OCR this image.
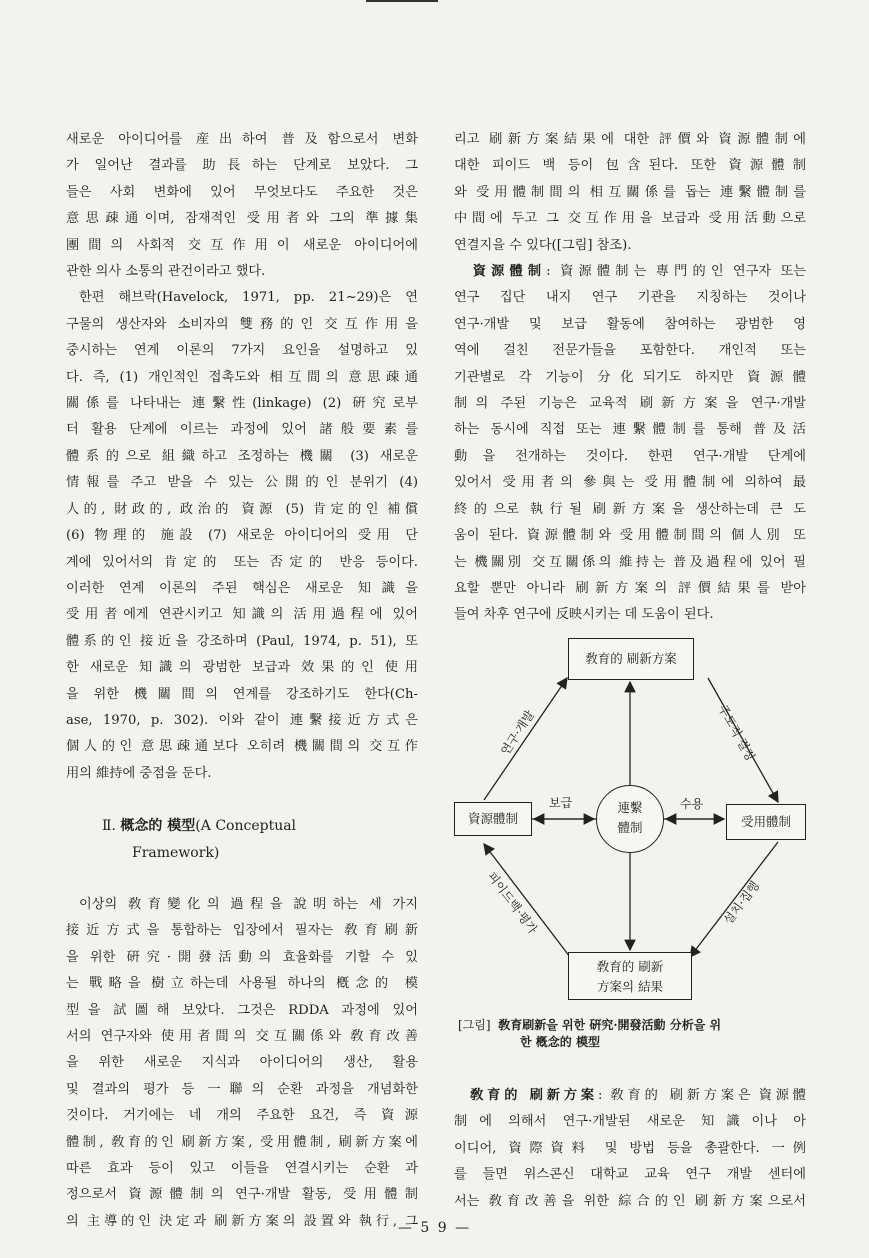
새로운 아이디어를 産出하여 普及함으로서 변화
가 일어난 결과를 助長하는 단계로 보았다. 그
들은 사회 변화에 있어 무엇보다도 주요한 것은
意思疎通이며, 잠재적인 受用者와 그의 準據集
團間의 사회적 交互作用이 새로운 아이디어에
관한 의사 소통의 관건이라고 했다.
한편 해브락(Havelock, 1971, pp. 21~29)은 연
구물의 생산자와 소비자의 雙務的인 交互作用을
중시하는 연계 이론의 7가지 요인을 설명하고 있
다. 즉, (1) 개인적인 접촉도와 相互間의 意思疎通
關係를 나타내는 連繫性(linkage) (2) 硏究로부
터 활용 단계에 이르는 과정에 있어 諸般要素를
體系的으로 組織하고 조정하는 機關 (3) 새로운
情報를 주고 받을 수 있는 公開的인 분위기 (4)
人的, 財政的, 政治的 資源 (5) 肯定的인 補償
(6) 物理的 施設 (7) 새로운 아이디어의 受用 단
계에 있어서의 肯定的 또는 否定的 반응 등이다.
이러한 연계 이론의 주된 핵심은 새로운 知識을
受用者에게 연관시키고 知識의 活用過程에 있어
體系的인 接近을 강조하며 (Paul, 1974, p. 51), 또
한 새로운 知識의 광범한 보급과 效果的인 使用
을 위한 機關間의 연계를 강조하기도 한다(Ch-
ase, 1970, p. 302). 이와 같이 連繫接近方式은
個人的인 意思疎通보다 오히려 機關間의 交互作
用의 維持에 중점을 둔다.
Ⅱ. 概念的 模型(A Conceptual
Framework)
이상의 敎育變化의 過程을 說明하는 세 가지
接近方式을 통합하는 입장에서 필자는 敎育刷新
을 위한 硏究·開發活動의 효율화를 기할 수 있
는 戰略을 樹立하는데 사용될 하나의 槪念的 模
型을 試圖해 보았다. 그것은 RDDA 과정에 있어
서의 연구자와 使用者間의 交互關係와 敎育改善
을 위한 새로운 지식과 아이디어의 생산, 활용
및 결과의 평가 등 一聯의 순환 과정을 개념화한
것이다. 거기에는 네 개의 주요한 요건, 즉 資源
體制, 敎育的인 刷新方案, 受用體制, 刷新方案에
따른 효과 등이 있고 이들을 연결시키는 순환 과
정으로서 資源體制의 연구·개발 활동, 受用體制
의 主導的인 決定과 刷新方案의 設置와 執行, 그
리고 刷新方案結果에 대한 評價와 資源體制에
대한 피이드 백 등이 包含된다. 또한 資源體制
와 受用體制間의 相互關係를 돕는 連繫體制를
中間에 두고 그 交互作用을 보급과 受用活動으로
연결지을 수 있다([그림] 참조).
資源體制: 資源體制는 專門的인 연구자 또는
연구 집단 내지 연구 기관을 지칭하는 것이나
연구·개발 및 보급 활동에 참여하는 광범한 영
역에 걸친 전문가들을 포함한다. 개인적 또는
기관별로 각 기능이 分化되기도 하지만 資源體
制의 주된 기능은 교육적 刷新方案을 연구·개발
하는 동시에 직접 또는 連繫體制를 통해 普及活
動을 전개하는 것이다. 한편 연구·개발 단계에
있어서 受用者의 參與는 受用體制에 의하여 最
終的으로 執行될 刷新方案을 생산하는데 큰 도
움이 된다. 資源體制와 受用體制間의 個人別 또
는 機關別 交互關係의 維持는 普及過程에 있어 필
요할 뿐만 아니라 刷新方案의 評價結果를 받아
들여 차후 연구에 反映시키는 데 도움이 된다.
敎育的 刷新方案
資源體制	受用體制
敎育的 刷新
方案의 結果
連繫
體制
연구·개발	주도적 결정
설치·집행
피이드백·평가
보급	수용
[그림] 敎育刷新을 위한 硏究·開發活動 分析을 위
한 槪念的 模型
敎育的 刷新方案: 敎育的 刷新方案은 資源體
制에 의해서 연구·개발된 새로운 知識이나 아
이디어, 資際資料 및 방법 등을 총괄한다. 一例
를 들면 위스콘신 대학교 교육 연구 개발 센터에
서는 敎育改善을 위한 綜合的인 刷新方案으로서
— 5 9 —
